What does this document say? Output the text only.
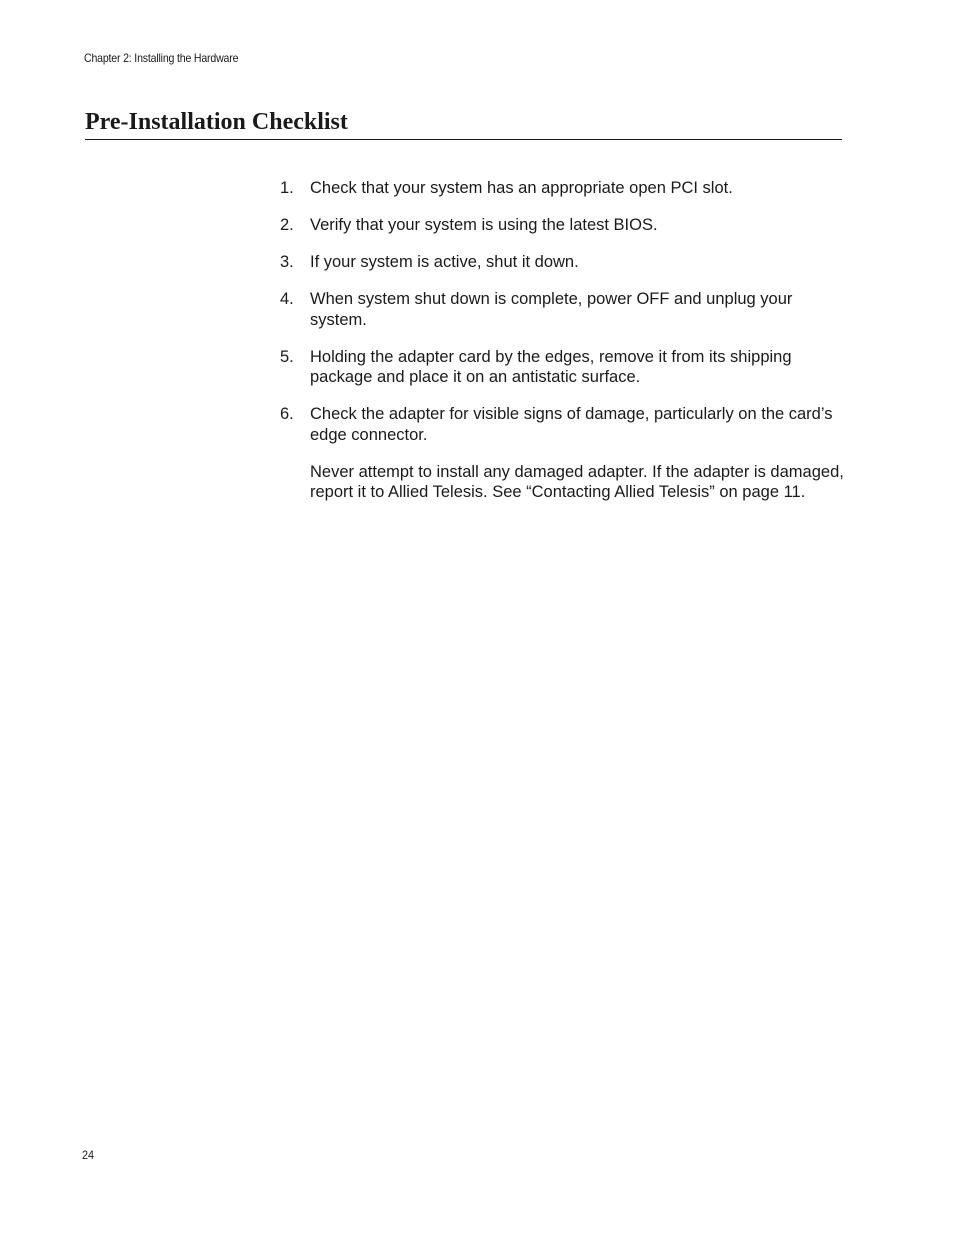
Chapter 2: Installing the Hardware
Pre-Installation Checklist
1. Check that your system has an appropriate open PCI slot.
2. Verify that your system is using the latest BIOS.
3. If your system is active, shut it down.
4. When system shut down is complete, power OFF and unplug your system.
5. Holding the adapter card by the edges, remove it from its shipping package and place it on an antistatic surface.
6. Check the adapter for visible signs of damage, particularly on the card’s edge connector.

Never attempt to install any damaged adapter. If the adapter is damaged, report it to Allied Telesis. See “Contacting Allied Telesis” on page 11.

24
